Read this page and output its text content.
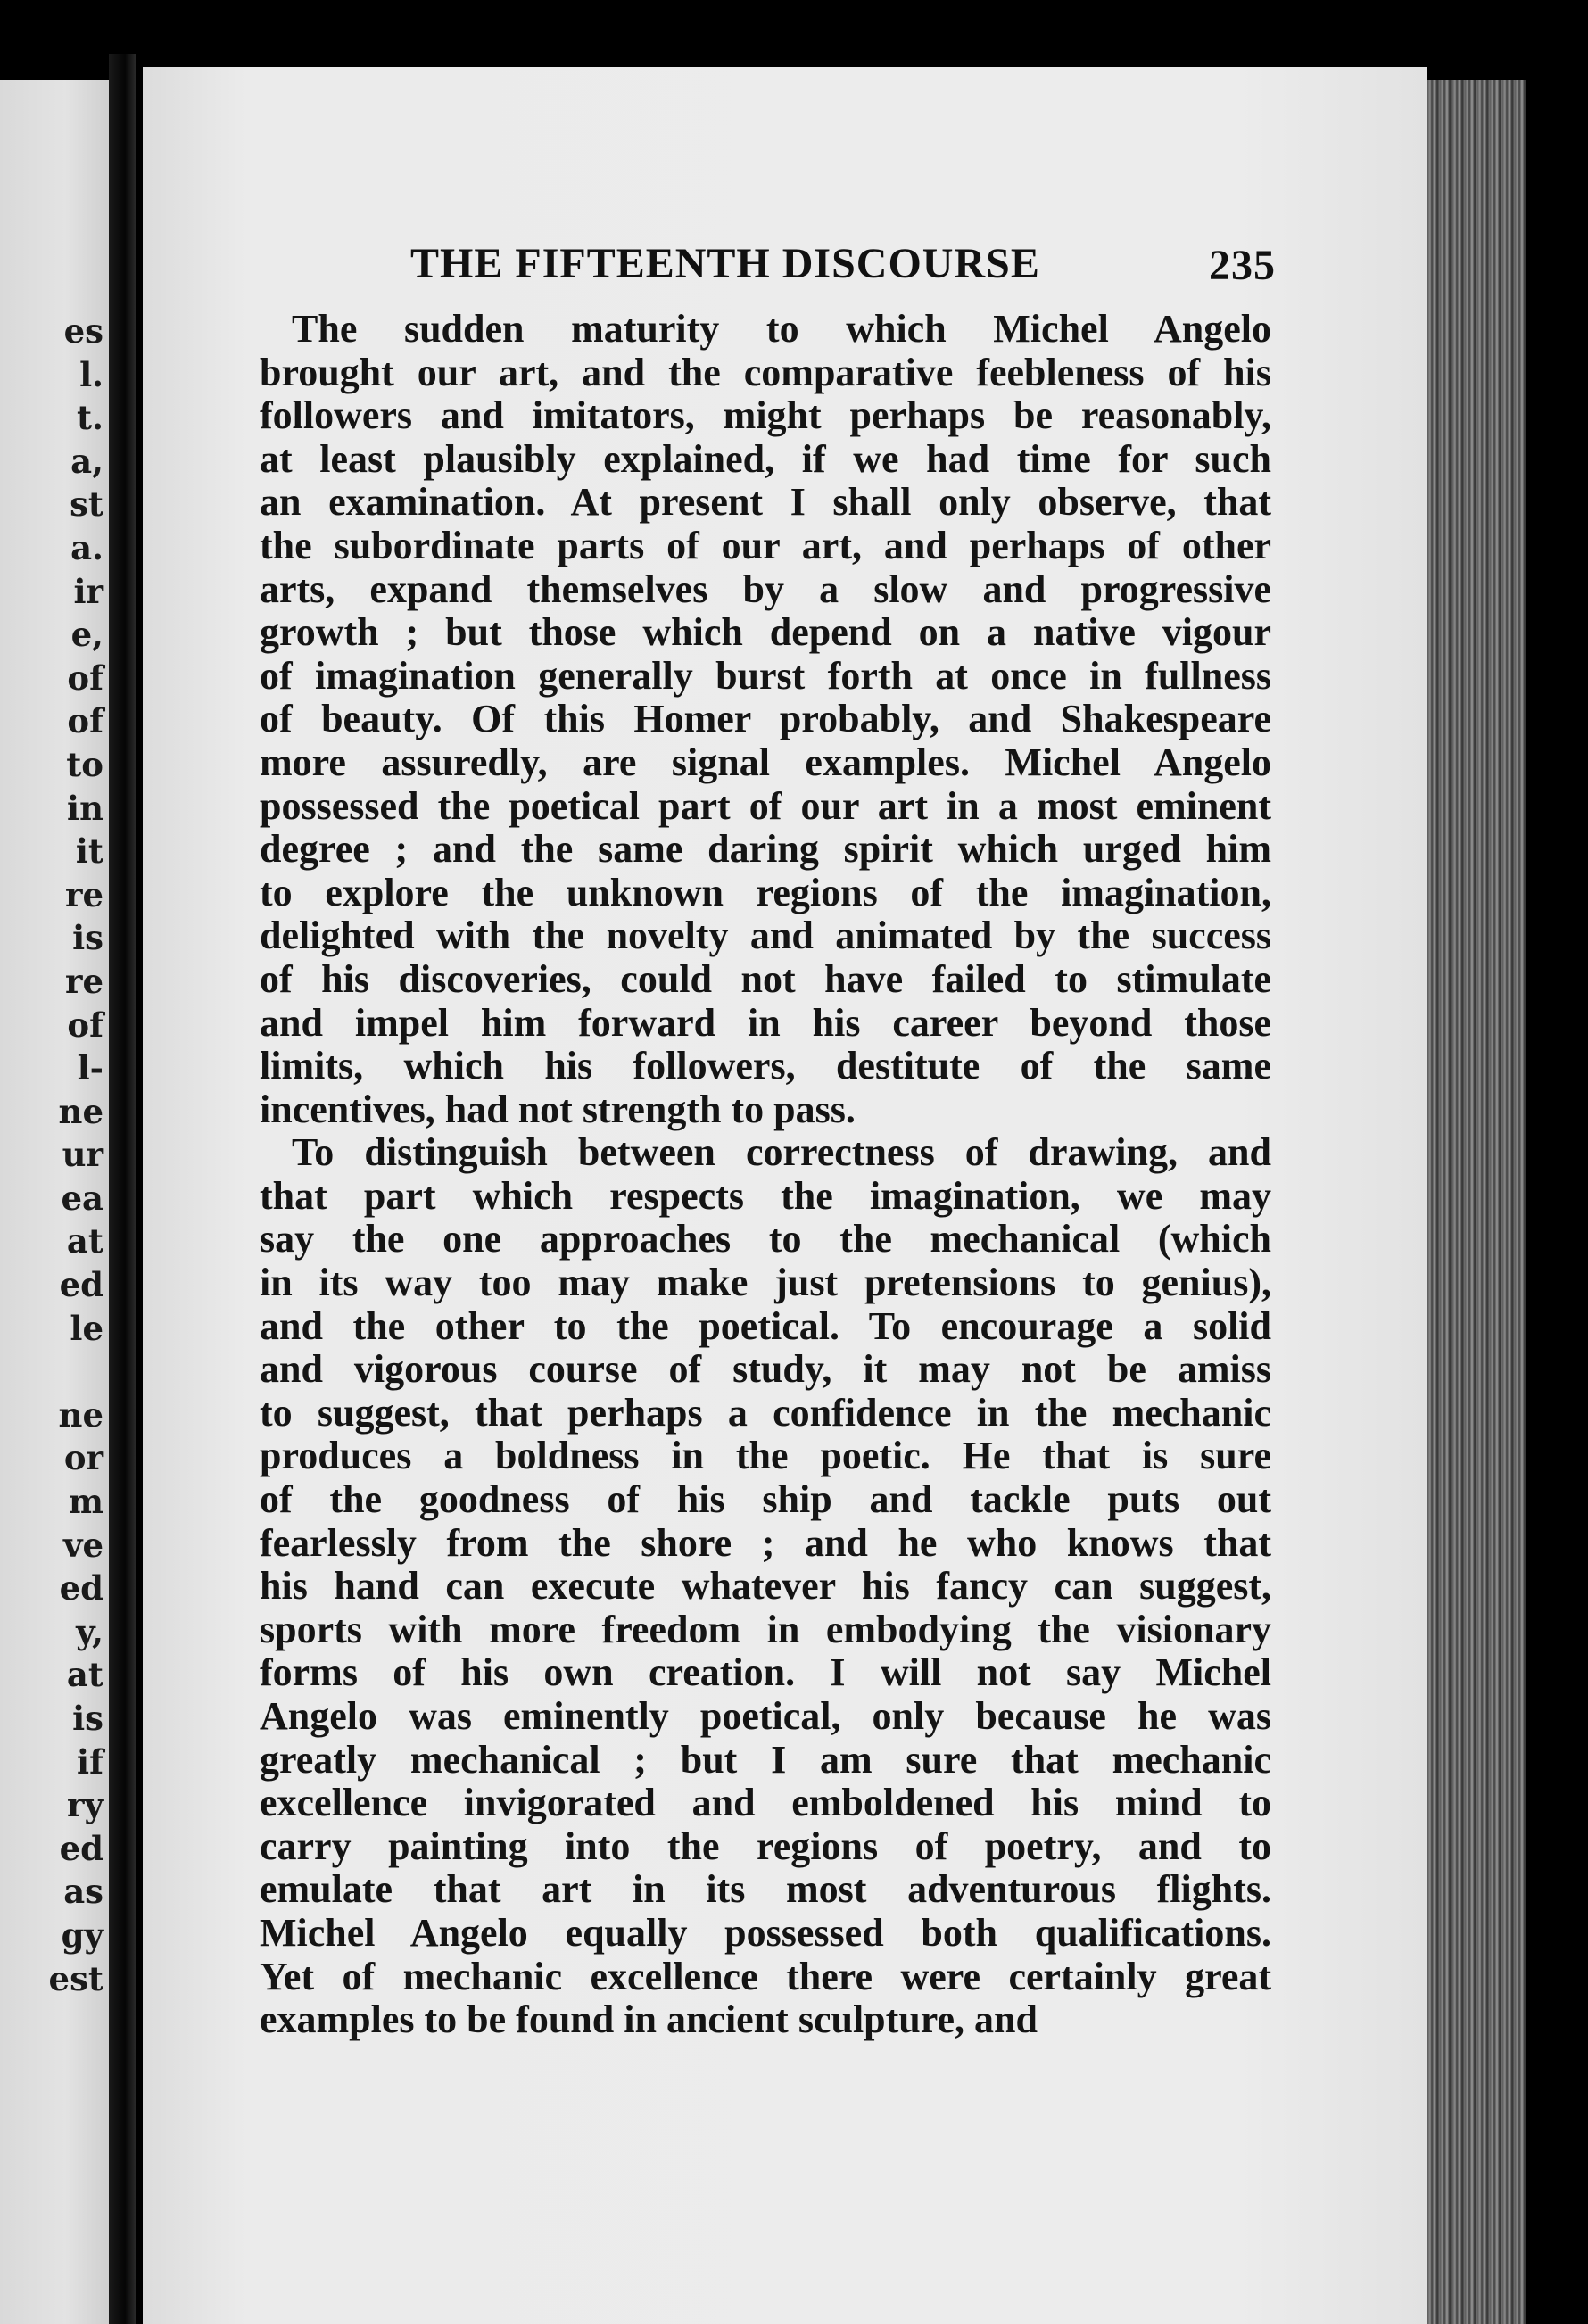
es
l.
t.
a,
st
a.
ir
e,
of
of
to
in
it
re
is
re
of
l-
ne
ur
ea
at
ed
le
ne
or
m
ve
ed
y,
at
is
if
ry
ed
as
gy
est
THE FIFTEENTH DISCOURSE	235
The sudden maturity to which Michel Angelo
brought our art, and the comparative feebleness of his
followers and imitators, might perhaps be reasonably,
at least plausibly explained, if we had time for such
an examination. At present I shall only observe, that
the subordinate parts of our art, and perhaps of other
arts, expand themselves by a slow and progressive
growth ; but those which depend on a native vigour
of imagination generally burst forth at once in fullness
of beauty. Of this Homer probably, and Shakespeare
more assuredly, are signal examples. Michel Angelo
possessed the poetical part of our art in a most eminent
degree ; and the same daring spirit which urged him
to explore the unknown regions of the imagination,
delighted with the novelty and animated by the success
of his discoveries, could not have failed to stimulate
and impel him forward in his career beyond those
limits, which his followers, destitute of the same
incentives, had not strength to pass.
To distinguish between correctness of drawing, and
that part which respects the imagination, we may
say the one approaches to the mechanical (which
in its way too may make just pretensions to genius),
and the other to the poetical. To encourage a solid
and vigorous course of study, it may not be amiss
to suggest, that perhaps a confidence in the mechanic
produces a boldness in the poetic. He that is sure
of the goodness of his ship and tackle puts out
fearlessly from the shore ; and he who knows that
his hand can execute whatever his fancy can suggest,
sports with more freedom in embodying the visionary
forms of his own creation. I will not say Michel
Angelo was eminently poetical, only because he was
greatly mechanical ; but I am sure that mechanic
excellence invigorated and emboldened his mind to
carry painting into the regions of poetry, and to
emulate that art in its most adventurous flights.
Michel Angelo equally possessed both qualifications.
Yet of mechanic excellence there were certainly great
examples to be found in ancient sculpture, and
